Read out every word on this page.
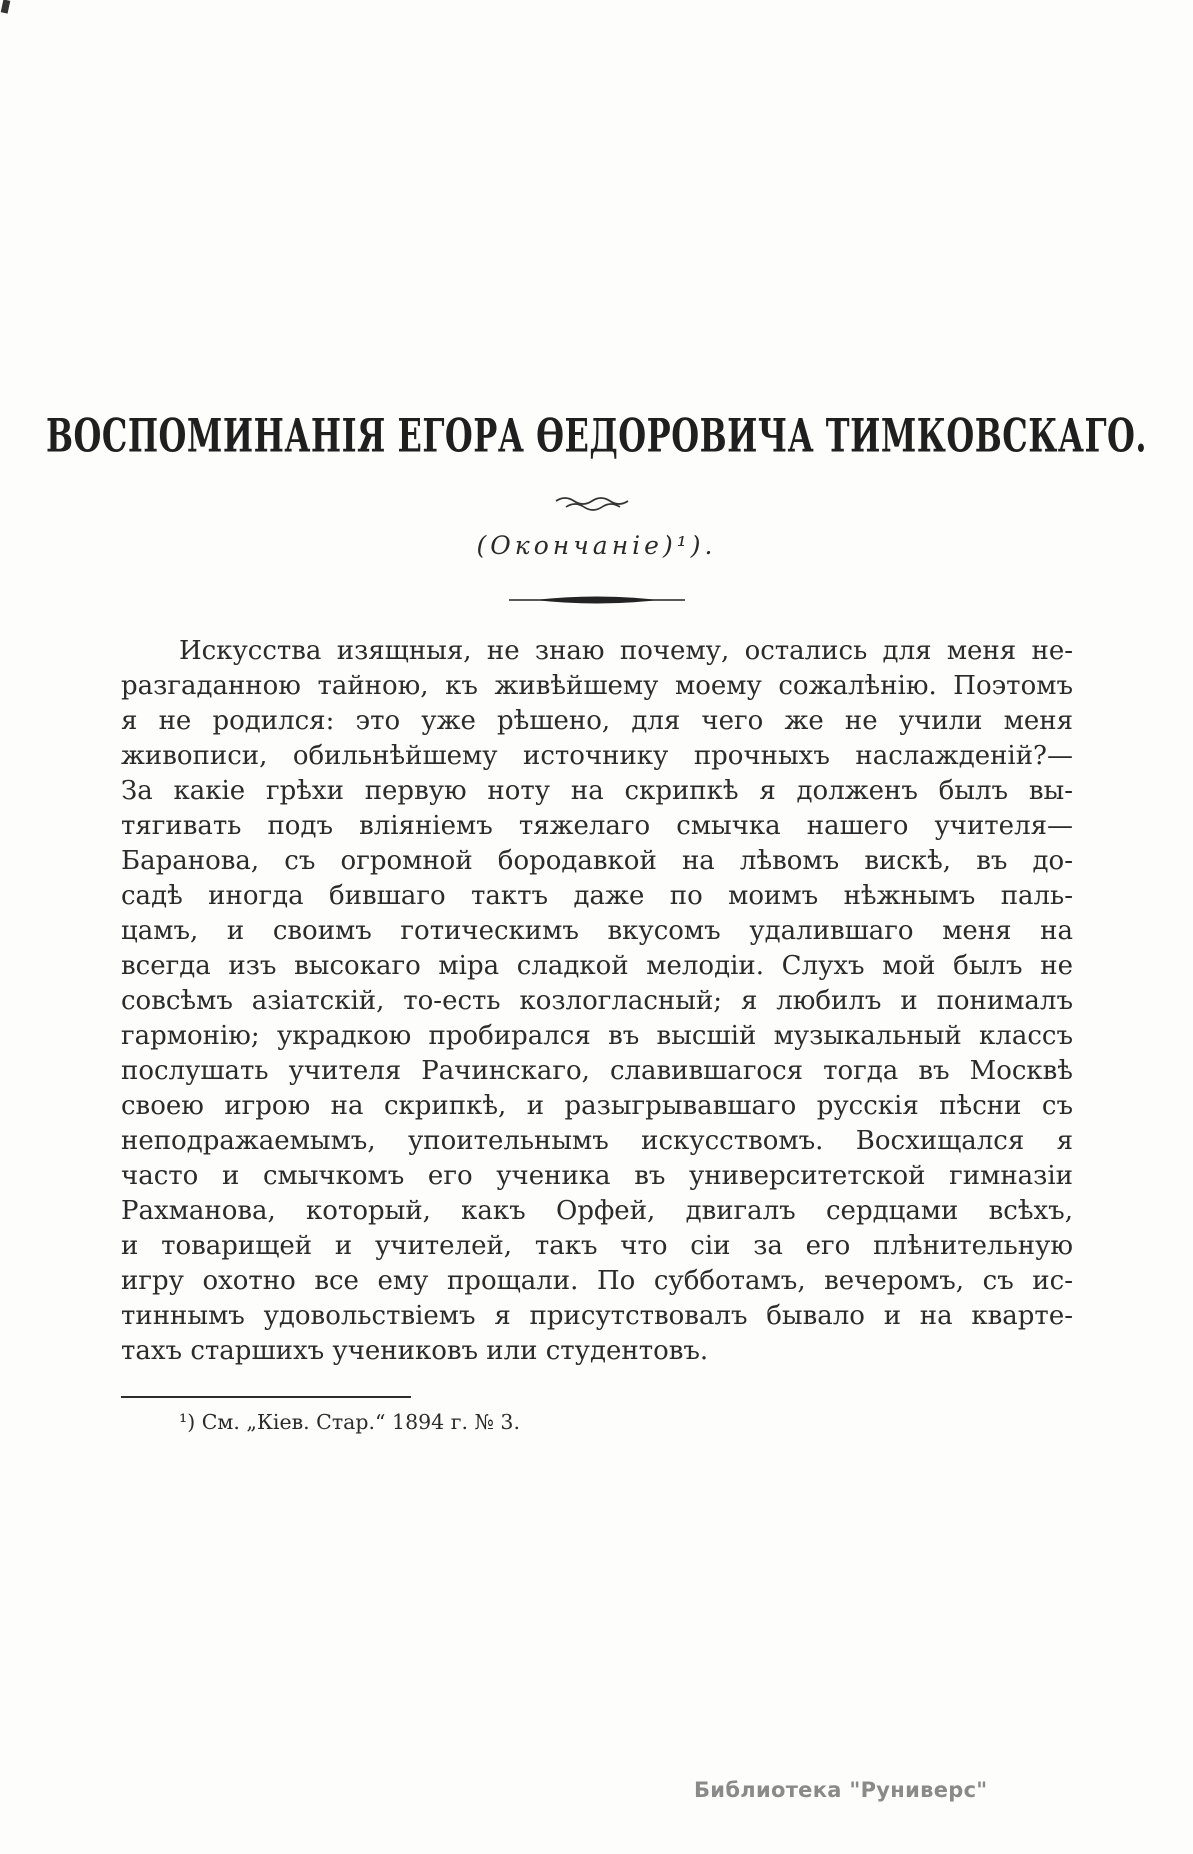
ВОСПОМИНАНІЯ ЕГОРА ѲЕДОРОВИЧА ТИМКОВСКАГО.
(Окончаніе)¹).
Искусства изящныя, не знаю почему, остались для меня не-
разгаданною тайною, къ живѣйшему моему сожалѣнію. Поэтомъ
я не родился: это уже рѣшено, для чего же не учили меня
живописи, обильнѣйшему источнику прочныхъ наслажденій?—
За какіе грѣхи первую ноту на скрипкѣ я долженъ былъ вы-
тягивать подъ вліяніемъ тяжелаго смычка нашего учителя—
Баранова, съ огромной бородавкой на лѣвомъ вискѣ, въ до-
садѣ иногда бившаго тактъ даже по моимъ нѣжнымъ паль-
цамъ, и своимъ готическимъ вкусомъ удалившаго меня на
всегда изъ высокаго міра сладкой мелодіи. Слухъ мой былъ не
совсѣмъ азіатскій, то-есть козлогласный; я любилъ и понималъ
гармонію; украдкою пробирался въ высшій музыкальный классъ
послушать учителя Рачинскаго, славившагося тогда въ Москвѣ
своею игрою на скрипкѣ, и разыгрывавшаго русскія пѣсни съ
неподражаемымъ, упоительнымъ искусствомъ. Восхищался я
часто и смычкомъ его ученика въ университетской гимназіи
Рахманова, который, какъ Орфей, двигалъ сердцами всѣхъ,
и товарищей и учителей, такъ что сіи за его плѣнительную
игру охотно все ему прощали. По субботамъ, вечеромъ, съ ис-
тиннымъ удовольствіемъ я присутствовалъ бывало и на кварте-
тахъ старшихъ учениковъ или студентовъ.
¹) См. „Кіев. Стар.“ 1894 г. № 3.
Библиотека "Руниверс"
